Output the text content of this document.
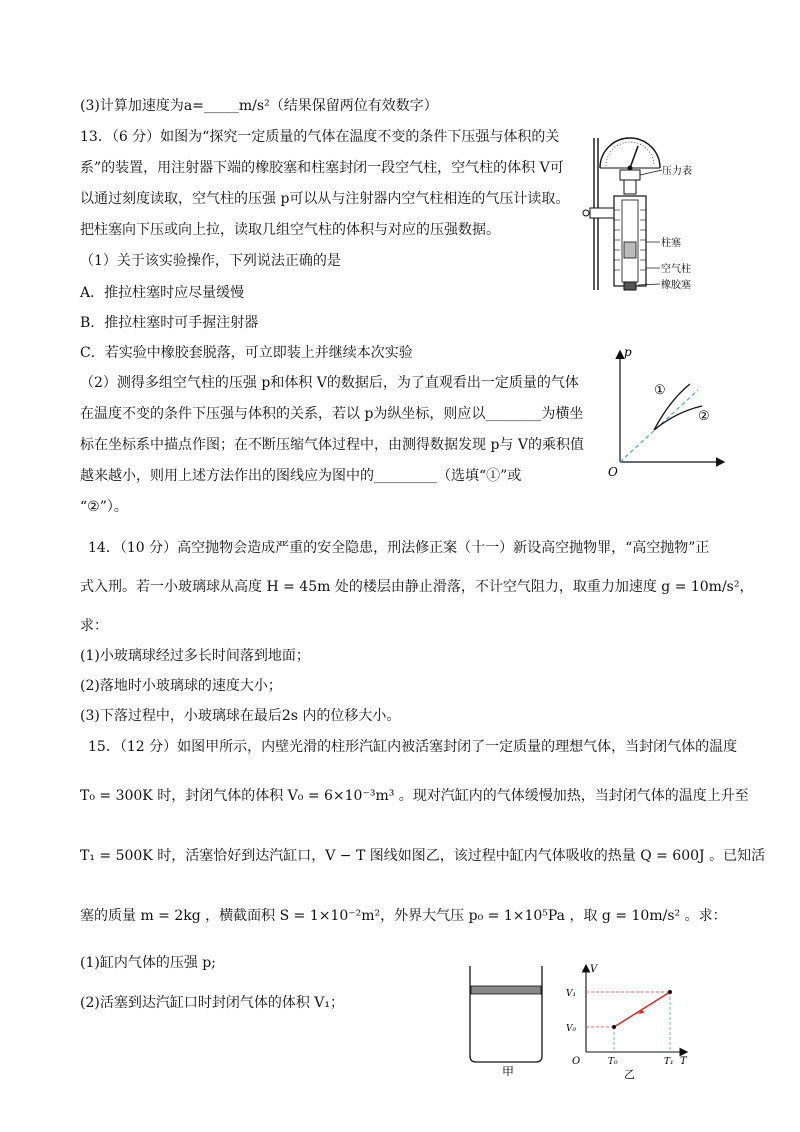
(3)计算加速度为a=_____m/s²（结果保留两位有效数字）
13．（6 分）如图为“探究一定质量的气体在温度不变的条件下压强与体积的关
系”的装置，用注射器下端的橡胶塞和柱塞封闭一段空气柱，空气柱的体积 V可
以通过刻度读取，空气柱的压强 p可以从与注射器内空气柱相连的气压计读取。
把柱塞向下压或向上拉，读取几组空气柱的体积与对应的压强数据。
（1）关于该实验操作，下列说法正确的是
A．推拉柱塞时应尽量缓慢
B．推拉柱塞时可手握注射器
C．若实验中橡胶套脱落，可立即装上并继续本次实验
（2）测得多组空气柱的压强 p和体积 V的数据后，为了直观看出一定质量的气体
在温度不变的条件下压强与体积的关系，若以 p为纵坐标，则应以________为横坐
标在坐标系中描点作图；在不断压缩气体过程中，由测得数据发现 p与 V的乘积值
越来越小，则用上述方法作出的图线应为图中的_________（选填“①”或
“②”）。
14．（10 分）高空抛物会造成严重的安全隐患，刑法修正案（十一）新设高空抛物罪，“高空抛物”正
式入刑。若一小玻璃球从高度 H = 45m 处的楼层由静止滑落，不计空气阻力，取重力加速度 g = 10m/s²，
求：
(1)小玻璃球经过多长时间落到地面；
(2)落地时小玻璃球的速度大小；
(3)下落过程中，小玻璃球在最后2s 内的位移大小。
15．（12 分）如图甲所示，内壁光滑的柱形汽缸内被活塞封闭了一定质量的理想气体，当封闭气体的温度
T₀ = 300K 时，封闭气体的体积 V₀ = 6×10⁻³m³ 。现对汽缸内的气体缓慢加热，当封闭气体的温度上升至
T₁ = 500K 时，活塞恰好到达汽缸口，V − T 图线如图乙，该过程中缸内气体吸收的热量 Q = 600J 。已知活
塞的质量 m = 2kg ，横截面积 S = 1×10⁻²m²，外界大气压 p₀ = 1×10⁵Pa ，取 g = 10m/s² 。求：
(1)缸内气体的压强 p;
(2)活塞到达汽缸口时封闭气体的体积 V₁；
压力表
柱塞
空气柱
橡胶塞
p
O
①
②
甲
V
T
O
V₁
V₀
T₀	T₁
乙
